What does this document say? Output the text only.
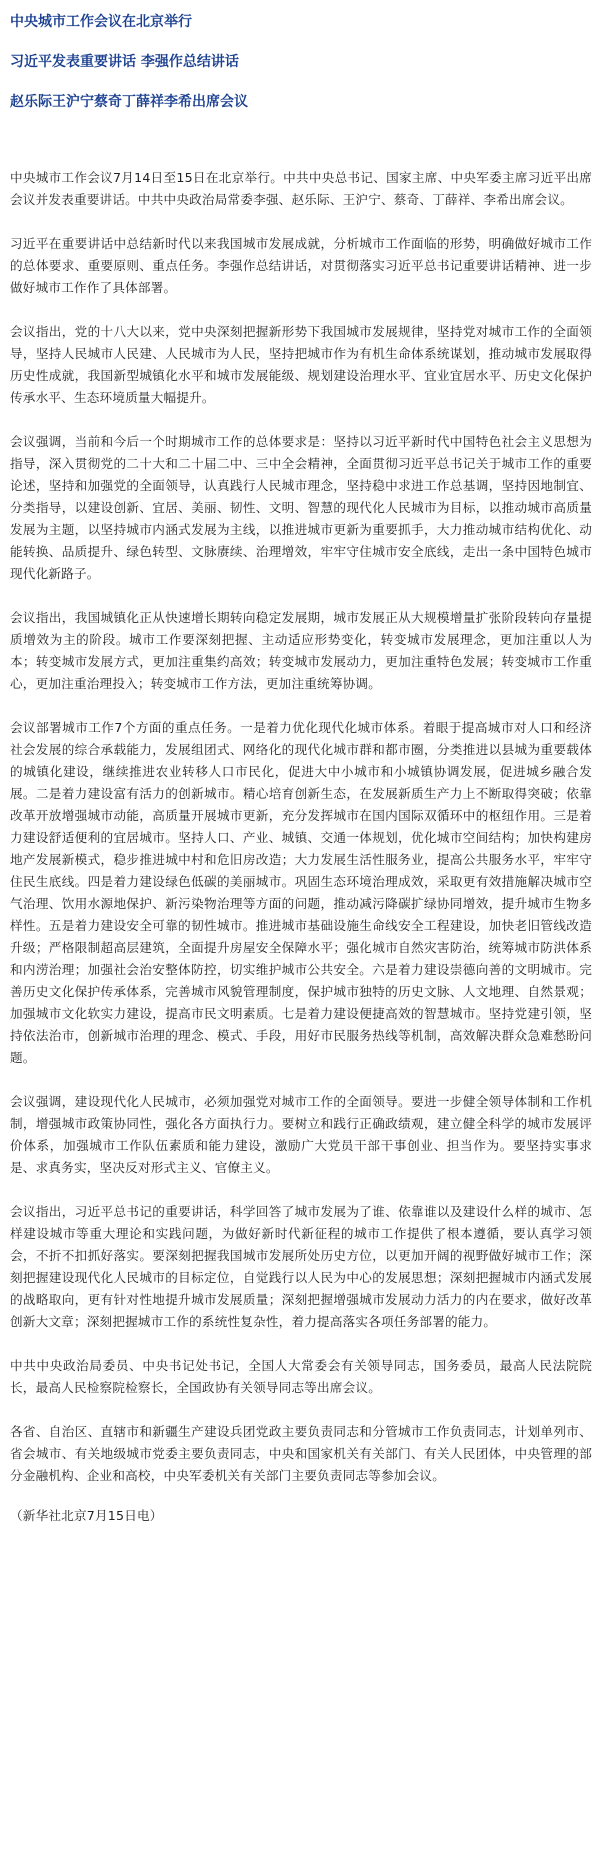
中央城市工作会议在北京举行
习近平发表重要讲话 李强作总结讲话
赵乐际王沪宁蔡奇丁薛祥李希出席会议

中央城市工作会议7月14日至15日在北京举行。中共中央总书记、国家主席、中央军委主席习近平出席会议并发表重要讲话。中共中央政治局常委李强、赵乐际、王沪宁、蔡奇、丁薛祥、李希出席会议。

习近平在重要讲话中总结新时代以来我国城市发展成就，分析城市工作面临的形势，明确做好城市工作的总体要求、重要原则、重点任务。李强作总结讲话，对贯彻落实习近平总书记重要讲话精神、进一步做好城市工作作了具体部署。

会议指出，党的十八大以来，党中央深刻把握新形势下我国城市发展规律，坚持党对城市工作的全面领导，坚持人民城市人民建、人民城市为人民，坚持把城市作为有机生命体系统谋划，推动城市发展取得历史性成就，我国新型城镇化水平和城市发展能级、规划建设治理水平、宜业宜居水平、历史文化保护传承水平、生态环境质量大幅提升。

会议强调，当前和今后一个时期城市工作的总体要求是：坚持以习近平新时代中国特色社会主义思想为指导，深入贯彻党的二十大和二十届二中、三中全会精神，全面贯彻习近平总书记关于城市工作的重要论述，坚持和加强党的全面领导，认真践行人民城市理念，坚持稳中求进工作总基调，坚持因地制宜、分类指导，以建设创新、宜居、美丽、韧性、文明、智慧的现代化人民城市为目标，以推动城市高质量发展为主题，以坚持城市内涵式发展为主线，以推进城市更新为重要抓手，大力推动城市结构优化、动能转换、品质提升、绿色转型、文脉赓续、治理增效，牢牢守住城市安全底线，走出一条中国特色城市现代化新路子。

会议指出，我国城镇化正从快速增长期转向稳定发展期，城市发展正从大规模增量扩张阶段转向存量提质增效为主的阶段。城市工作要深刻把握、主动适应形势变化，转变城市发展理念，更加注重以人为本；转变城市发展方式，更加注重集约高效；转变城市发展动力，更加注重特色发展；转变城市工作重心，更加注重治理投入；转变城市工作方法，更加注重统筹协调。

会议部署城市工作7个方面的重点任务。一是着力优化现代化城市体系。着眼于提高城市对人口和经济社会发展的综合承载能力，发展组团式、网络化的现代化城市群和都市圈，分类推进以县城为重要载体的城镇化建设，继续推进农业转移人口市民化，促进大中小城市和小城镇协调发展，促进城乡融合发展。二是着力建设富有活力的创新城市。精心培育创新生态，在发展新质生产力上不断取得突破；依靠改革开放增强城市动能，高质量开展城市更新，充分发挥城市在国内国际双循环中的枢纽作用。三是着力建设舒适便利的宜居城市。坚持人口、产业、城镇、交通一体规划，优化城市空间结构；加快构建房地产发展新模式，稳步推进城中村和危旧房改造；大力发展生活性服务业，提高公共服务水平，牢牢守住民生底线。四是着力建设绿色低碳的美丽城市。巩固生态环境治理成效，采取更有效措施解决城市空气治理、饮用水源地保护、新污染物治理等方面的问题，推动减污降碳扩绿协同增效，提升城市生物多样性。五是着力建设安全可靠的韧性城市。推进城市基础设施生命线安全工程建设，加快老旧管线改造升级；严格限制超高层建筑，全面提升房屋安全保障水平；强化城市自然灾害防治，统筹城市防洪体系和内涝治理；加强社会治安整体防控，切实维护城市公共安全。六是着力建设崇德向善的文明城市。完善历史文化保护传承体系，完善城市风貌管理制度，保护城市独特的历史文脉、人文地理、自然景观；加强城市文化软实力建设，提高市民文明素质。七是着力建设便捷高效的智慧城市。坚持党建引领，坚持依法治市，创新城市治理的理念、模式、手段，用好市民服务热线等机制，高效解决群众急难愁盼问题。

会议强调，建设现代化人民城市，必须加强党对城市工作的全面领导。要进一步健全领导体制和工作机制，增强城市政策协同性，强化各方面执行力。要树立和践行正确政绩观，建立健全科学的城市发展评价体系，加强城市工作队伍素质和能力建设，激励广大党员干部干事创业、担当作为。要坚持实事求是、求真务实，坚决反对形式主义、官僚主义。

会议指出，习近平总书记的重要讲话，科学回答了城市发展为了谁、依靠谁以及建设什么样的城市、怎样建设城市等重大理论和实践问题，为做好新时代新征程的城市工作提供了根本遵循，要认真学习领会，不折不扣抓好落实。要深刻把握我国城市发展所处历史方位，以更加开阔的视野做好城市工作；深刻把握建设现代化人民城市的目标定位，自觉践行以人民为中心的发展思想；深刻把握城市内涵式发展的战略取向，更有针对性地提升城市发展质量；深刻把握增强城市发展动力活力的内在要求，做好改革创新大文章；深刻把握城市工作的系统性复杂性，着力提高落实各项任务部署的能力。

中共中央政治局委员、中央书记处书记，全国人大常委会有关领导同志，国务委员，最高人民法院院长，最高人民检察院检察长，全国政协有关领导同志等出席会议。

各省、自治区、直辖市和新疆生产建设兵团党政主要负责同志和分管城市工作负责同志，计划单列市、省会城市、有关地级城市党委主要负责同志，中央和国家机关有关部门、有关人民团体，中央管理的部分金融机构、企业和高校，中央军委机关有关部门主要负责同志等参加会议。

（新华社北京7月15日电）
